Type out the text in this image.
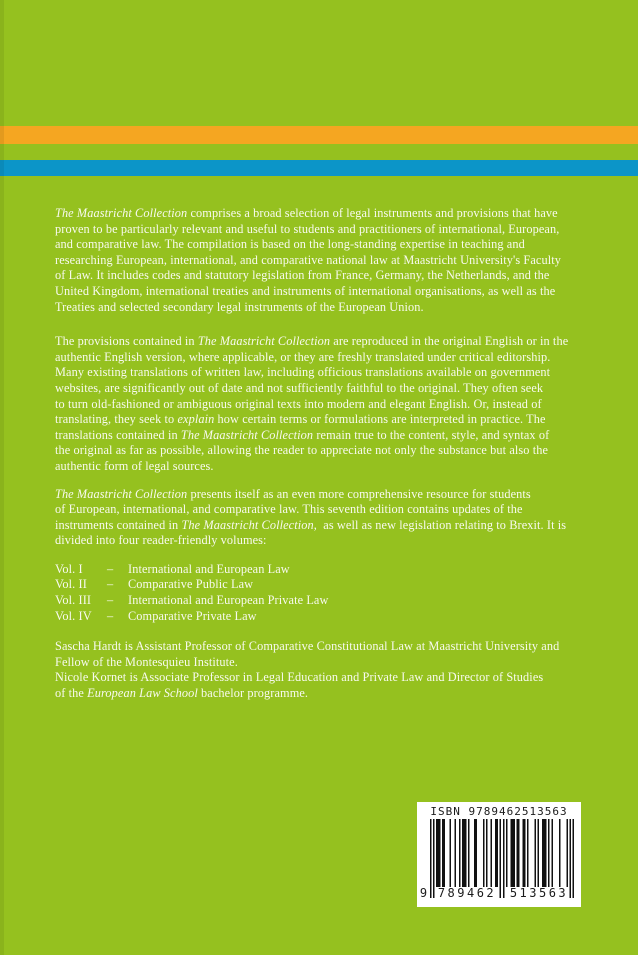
The Maastricht Collection comprises a broad selection of legal instruments and provisions that have
proven to be particularly relevant and useful to students and practitioners of international, European,
and comparative law. The compilation is based on the long-standing expertise in teaching and
researching European, international, and comparative national law at Maastricht University's Faculty
of Law. It includes codes and statutory legislation from France, Germany, the Netherlands, and the
United Kingdom, international treaties and instruments of international organisations, as well as the
Treaties and selected secondary legal instruments of the European Union.

The provisions contained in The Maastricht Collection are reproduced in the original English or in the
authentic English version, where applicable, or they are freshly translated under critical editorship.
Many existing translations of written law, including officious translations available on government
websites, are significantly out of date and not sufficiently faithful to the original. They often seek
to turn old-fashioned or ambiguous original texts into modern and elegant English. Or, instead of
translating, they seek to explain how certain terms or formulations are interpreted in practice. The
translations contained in The Maastricht Collection remain true to the content, style, and syntax of
the original as far as possible, allowing the reader to appreciate not only the substance but also the
authentic form of legal sources.

The Maastricht Collection presents itself as an even more comprehensive resource for students
of European, international, and comparative law. This seventh edition contains updates of the
instruments contained in The Maastricht Collection,  as well as new legislation relating to Brexit. It is
divided into four reader-friendly volumes:

Vol. I	–	International and European Law
Vol. II	–	Comparative Public Law
Vol. III	–	International and European Private Law
Vol. IV	–	Comparative Private Law

Sascha Hardt is Assistant Professor of Comparative Constitutional Law at Maastricht University and
Fellow of the Montesquieu Institute.
Nicole Kornet is Associate Professor in Legal Education and Private Law and Director of Studies
of the European Law School bachelor programme.

ISBN 9789462513563
9 789462 513563
